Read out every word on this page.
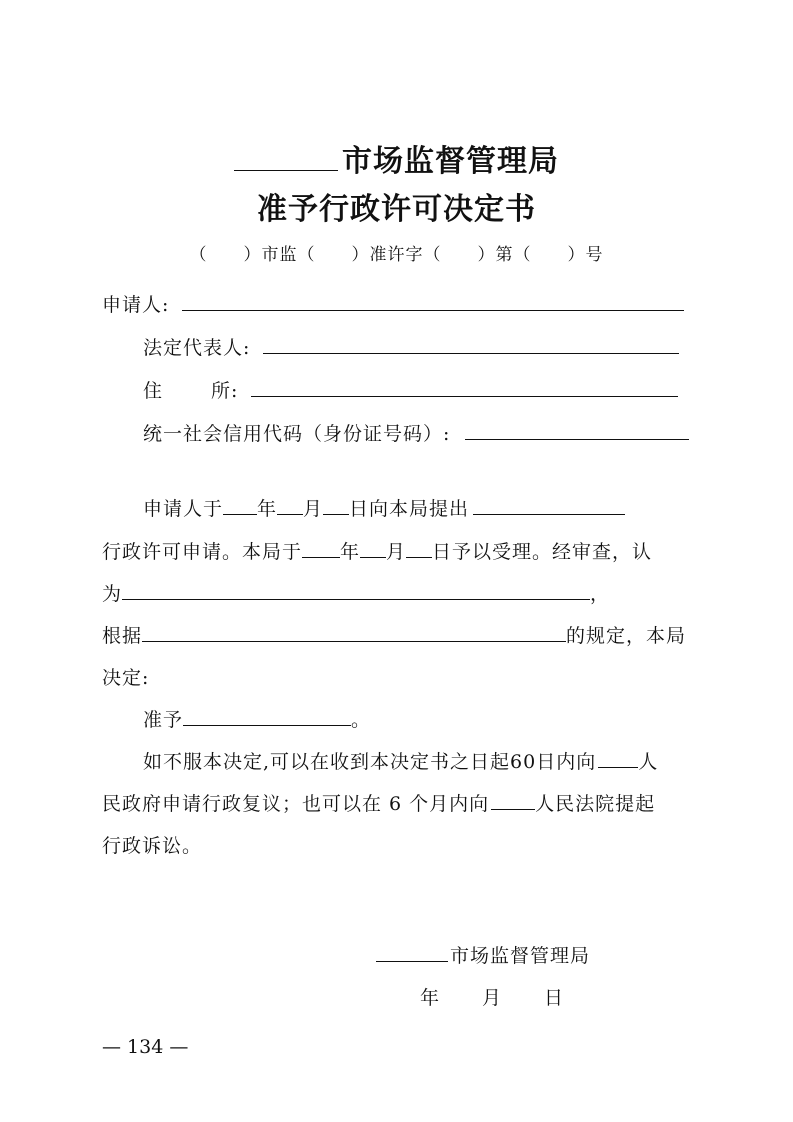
市场监督管理局
准予行政许可决定书
（　　）市监（　　）准许字（　　）第（　　）号
申请人:
法定代表人:
住	所:
统一社会信用代码（身份证号码）:
申请人于 年 月 日向本局提出
行政许可申请。本局于 年 月 日予以受理。经审查，认
为	，
根据	的规定，本局
决定:
准予	。
如不服本决定,可以在收到本决定书之日起60日内向 人
民政府申请行政复议；也可以在 6 个月内向 人民法院提起
行政诉讼。
市场监督管理局
年 月 日
— 134 —
